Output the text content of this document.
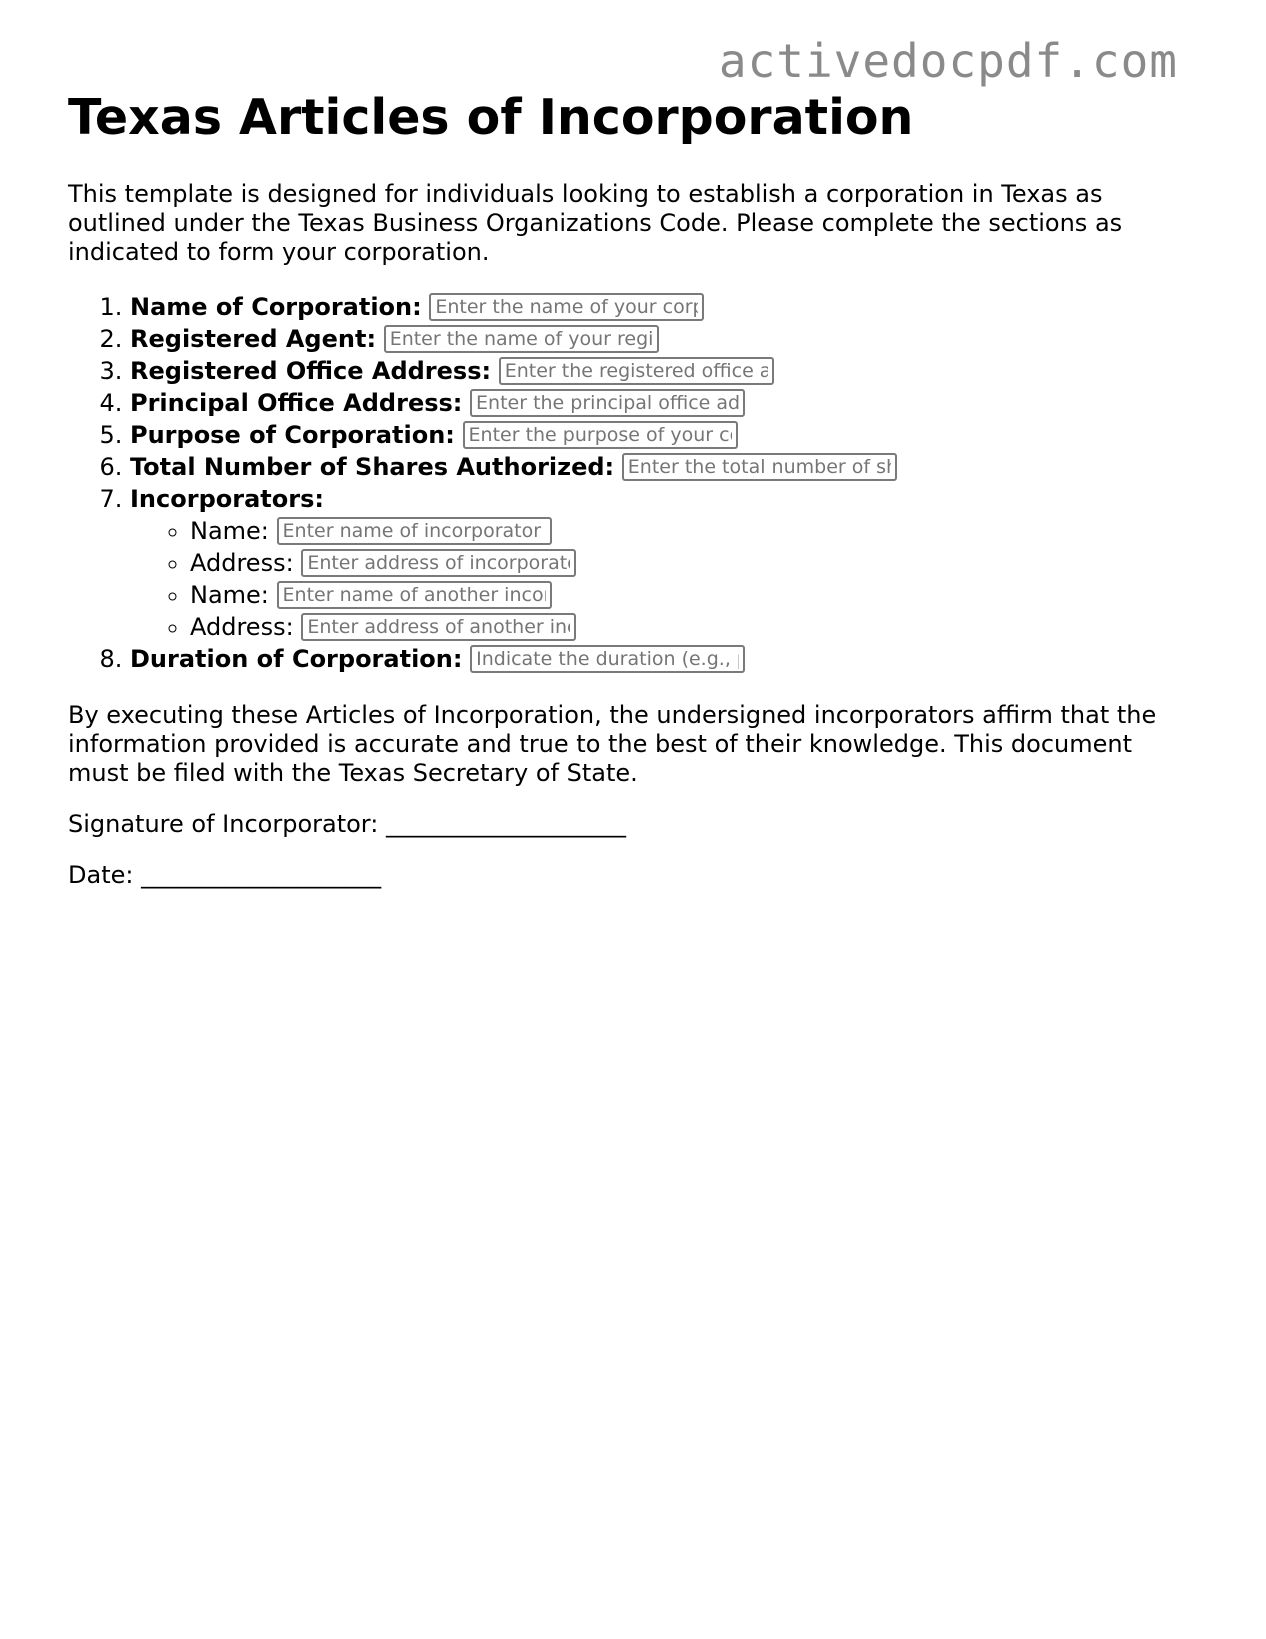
activedocpdf.com
Texas Articles of Incorporation

This template is designed for individuals looking to establish a corporation in Texas as outlined under the Texas Business Organizations Code. Please complete the sections as indicated to form your corporation.

1. Name of Corporation: Enter the name of your corporation
2. Registered Agent: Enter the name of your registered agent
3. Registered Office Address: Enter the registered office address
4. Principal Office Address: Enter the principal office address
5. Purpose of Corporation: Enter the purpose of your corporation
6. Total Number of Shares Authorized: Enter the total number of shares
7. Incorporators:
◦ Name: Enter name of incorporator
◦ Address: Enter address of incorporator
◦ Name: Enter name of another incorporator
◦ Address: Enter address of another incorporator
8. Duration of Corporation: Indicate the duration (e.g., perpetual)

By executing these Articles of Incorporation, the undersigned incorporators affirm that the information provided is accurate and true to the best of their knowledge. This document must be filed with the Texas Secretary of State.

Signature of Incorporator: ____________________

Date: ____________________
